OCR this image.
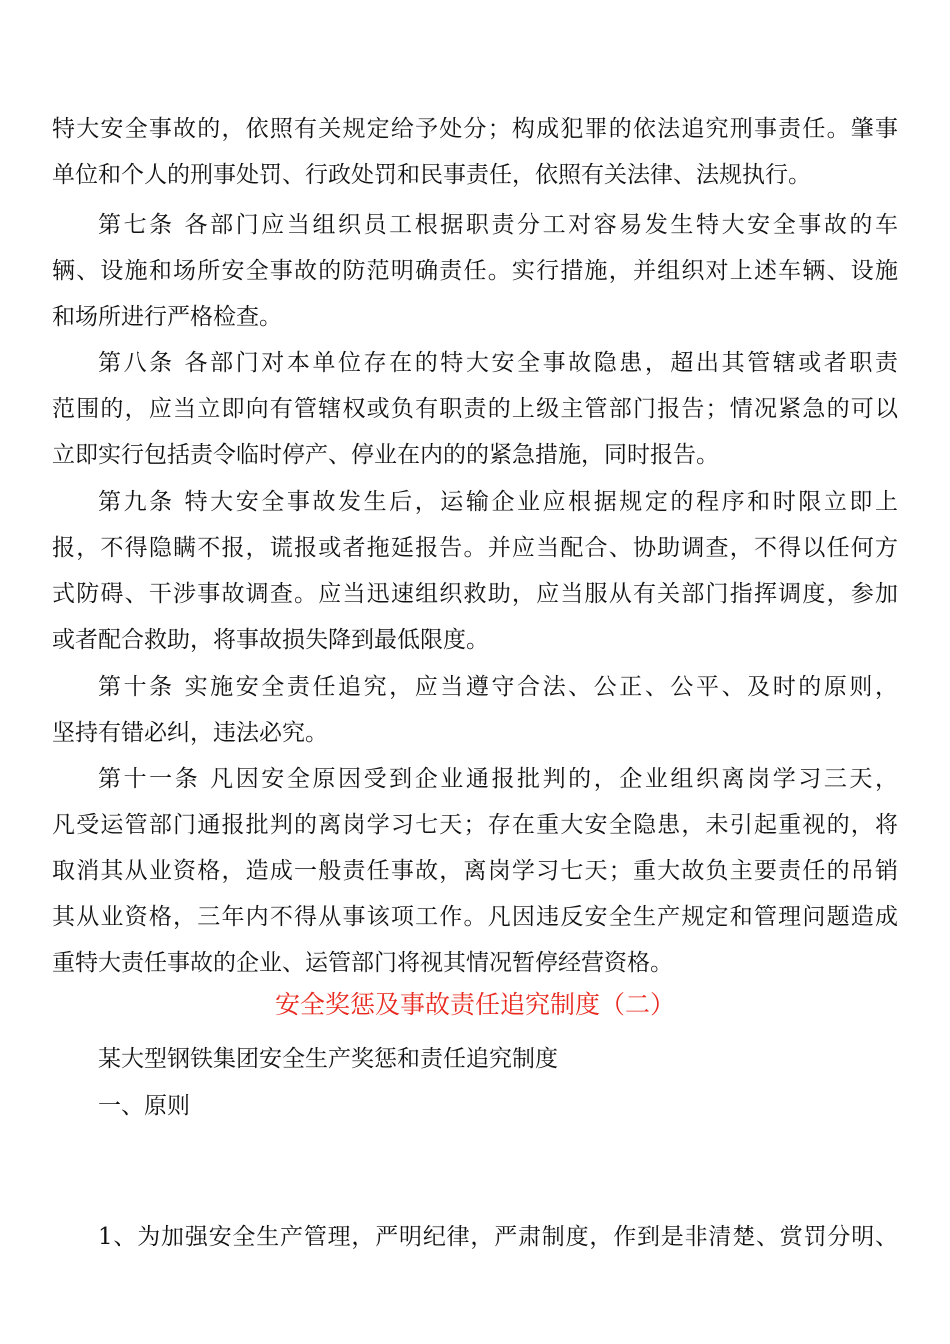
特大安全事故的，依照有关规定给予处分；构成犯罪的依法追究刑事责任。肇事
单位和个人的刑事处罚、行政处罚和民事责任，依照有关法律、法规执行。
第七条 各部门应当组织员工根据职责分工对容易发生特大安全事故的车
辆、设施和场所安全事故的防范明确责任。实行措施，并组织对上述车辆、设施
和场所进行严格检查。
第八条 各部门对本单位存在的特大安全事故隐患，超出其管辖或者职责
范围的，应当立即向有管辖权或负有职责的上级主管部门报告；情况紧急的可以
立即实行包括责令临时停产、停业在内的的紧急措施，同时报告。
第九条 特大安全事故发生后，运输企业应根据规定的程序和时限立即上
报，不得隐瞒不报，谎报或者拖延报告。并应当配合、协助调查，不得以任何方
式防碍、干涉事故调查。应当迅速组织救助，应当服从有关部门指挥调度，参加
或者配合救助，将事故损失降到最低限度。
第十条 实施安全责任追究，应当遵守合法、公正、公平、及时的原则，
坚持有错必纠，违法必究。
第十一条 凡因安全原因受到企业通报批判的，企业组织离岗学习三天，
凡受运管部门通报批判的离岗学习七天；存在重大安全隐患，未引起重视的，将
取消其从业资格，造成一般责任事故，离岗学习七天；重大故负主要责任的吊销
其从业资格，三年内不得从事该项工作。凡因违反安全生产规定和管理问题造成
重特大责任事故的企业、运管部门将视其情况暂停经营资格。
安全奖惩及事故责任追究制度（二）
某大型钢铁集团安全生产奖惩和责任追究制度
一、原则
1、为加强安全生产管理，严明纪律，严肃制度，作到是非清楚、赏罚分明、
